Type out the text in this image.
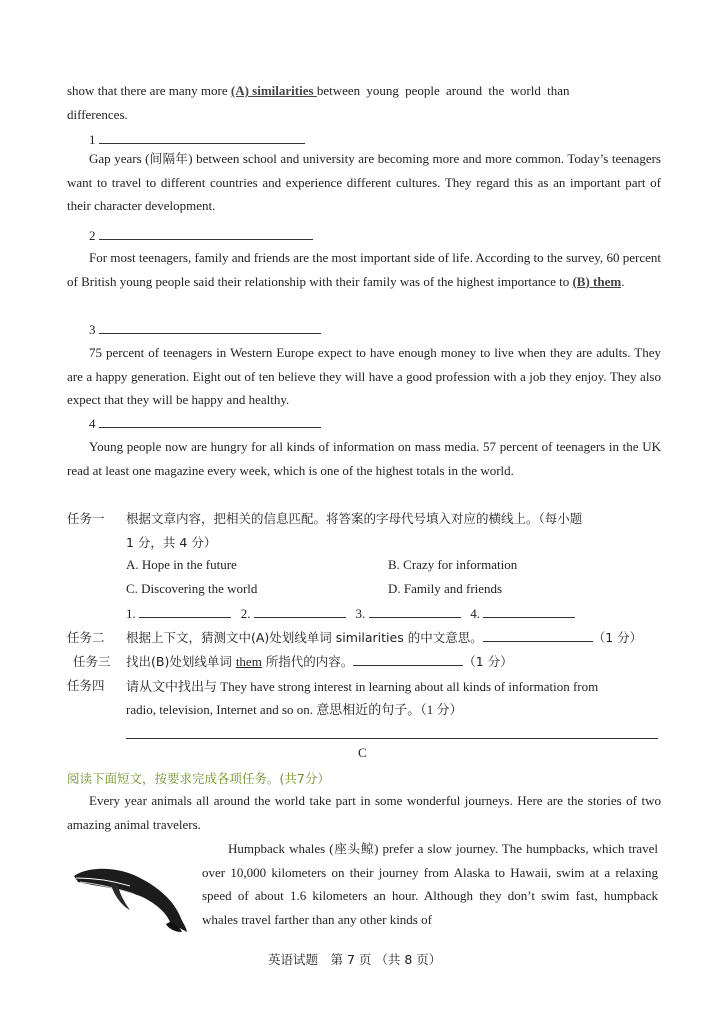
show that there are many more (A) similarities between young people around the world than
differences.
1
Gap years (间隔年) between school and university are becoming more and more common. Today’s teenagers want to travel to different countries and experience different cultures. They regard this as an important part of their character development.
2
For most teenagers, family and friends are the most important side of life. According to the survey, 60 percent of British young people said their relationship with their family was of the highest importance to (B) them.
3
75 percent of teenagers in Western Europe expect to have enough money to live when they are adults. They are a happy generation. Eight out of ten believe they will have a good profession with a job they enjoy. They also expect that they will be happy and healthy.
4
Young people now are hungry for all kinds of information on mass media. 57 percent of teenagers in the UK read at least one magazine every week, which is one of the highest totals in the world.
任务一 根据文章内容，把相关的信息匹配。将答案的字母代号填入对应的横线上。（每小题
1 分，共 4 分）
A. Hope in the future	B. Crazy for information
C. Discovering the world	D. Family and friends
1.	2.	3.	4.
任务二 根据上下文，猜测文中(A)处划线单词 similarities 的中文意思。	（1 分）
任务三 找出(B)处划线单词 them 所指代的内容。	（1 分）
任务四 请从文中找出与 They have strong interest in learning about all kinds of information from
radio, television, Internet and so on. 意思相近的句子。（1 分）
C
阅读下面短文，按要求完成各项任务。(共7分）
Every year animals all around the world take part in some wonderful journeys. Here are the stories of two amazing animal travelers.
Humpback whales (座头鲸) prefer a slow journey. The humpbacks, which travel over 10,000 kilometers on their journey from Alaska to Hawaii, swim at a relaxing speed of about 1.6 kilometers an hour. Although they don’t swim fast, humpback whales travel farther than any other kinds of
英语试题　第 7 页 （共 8 页）
